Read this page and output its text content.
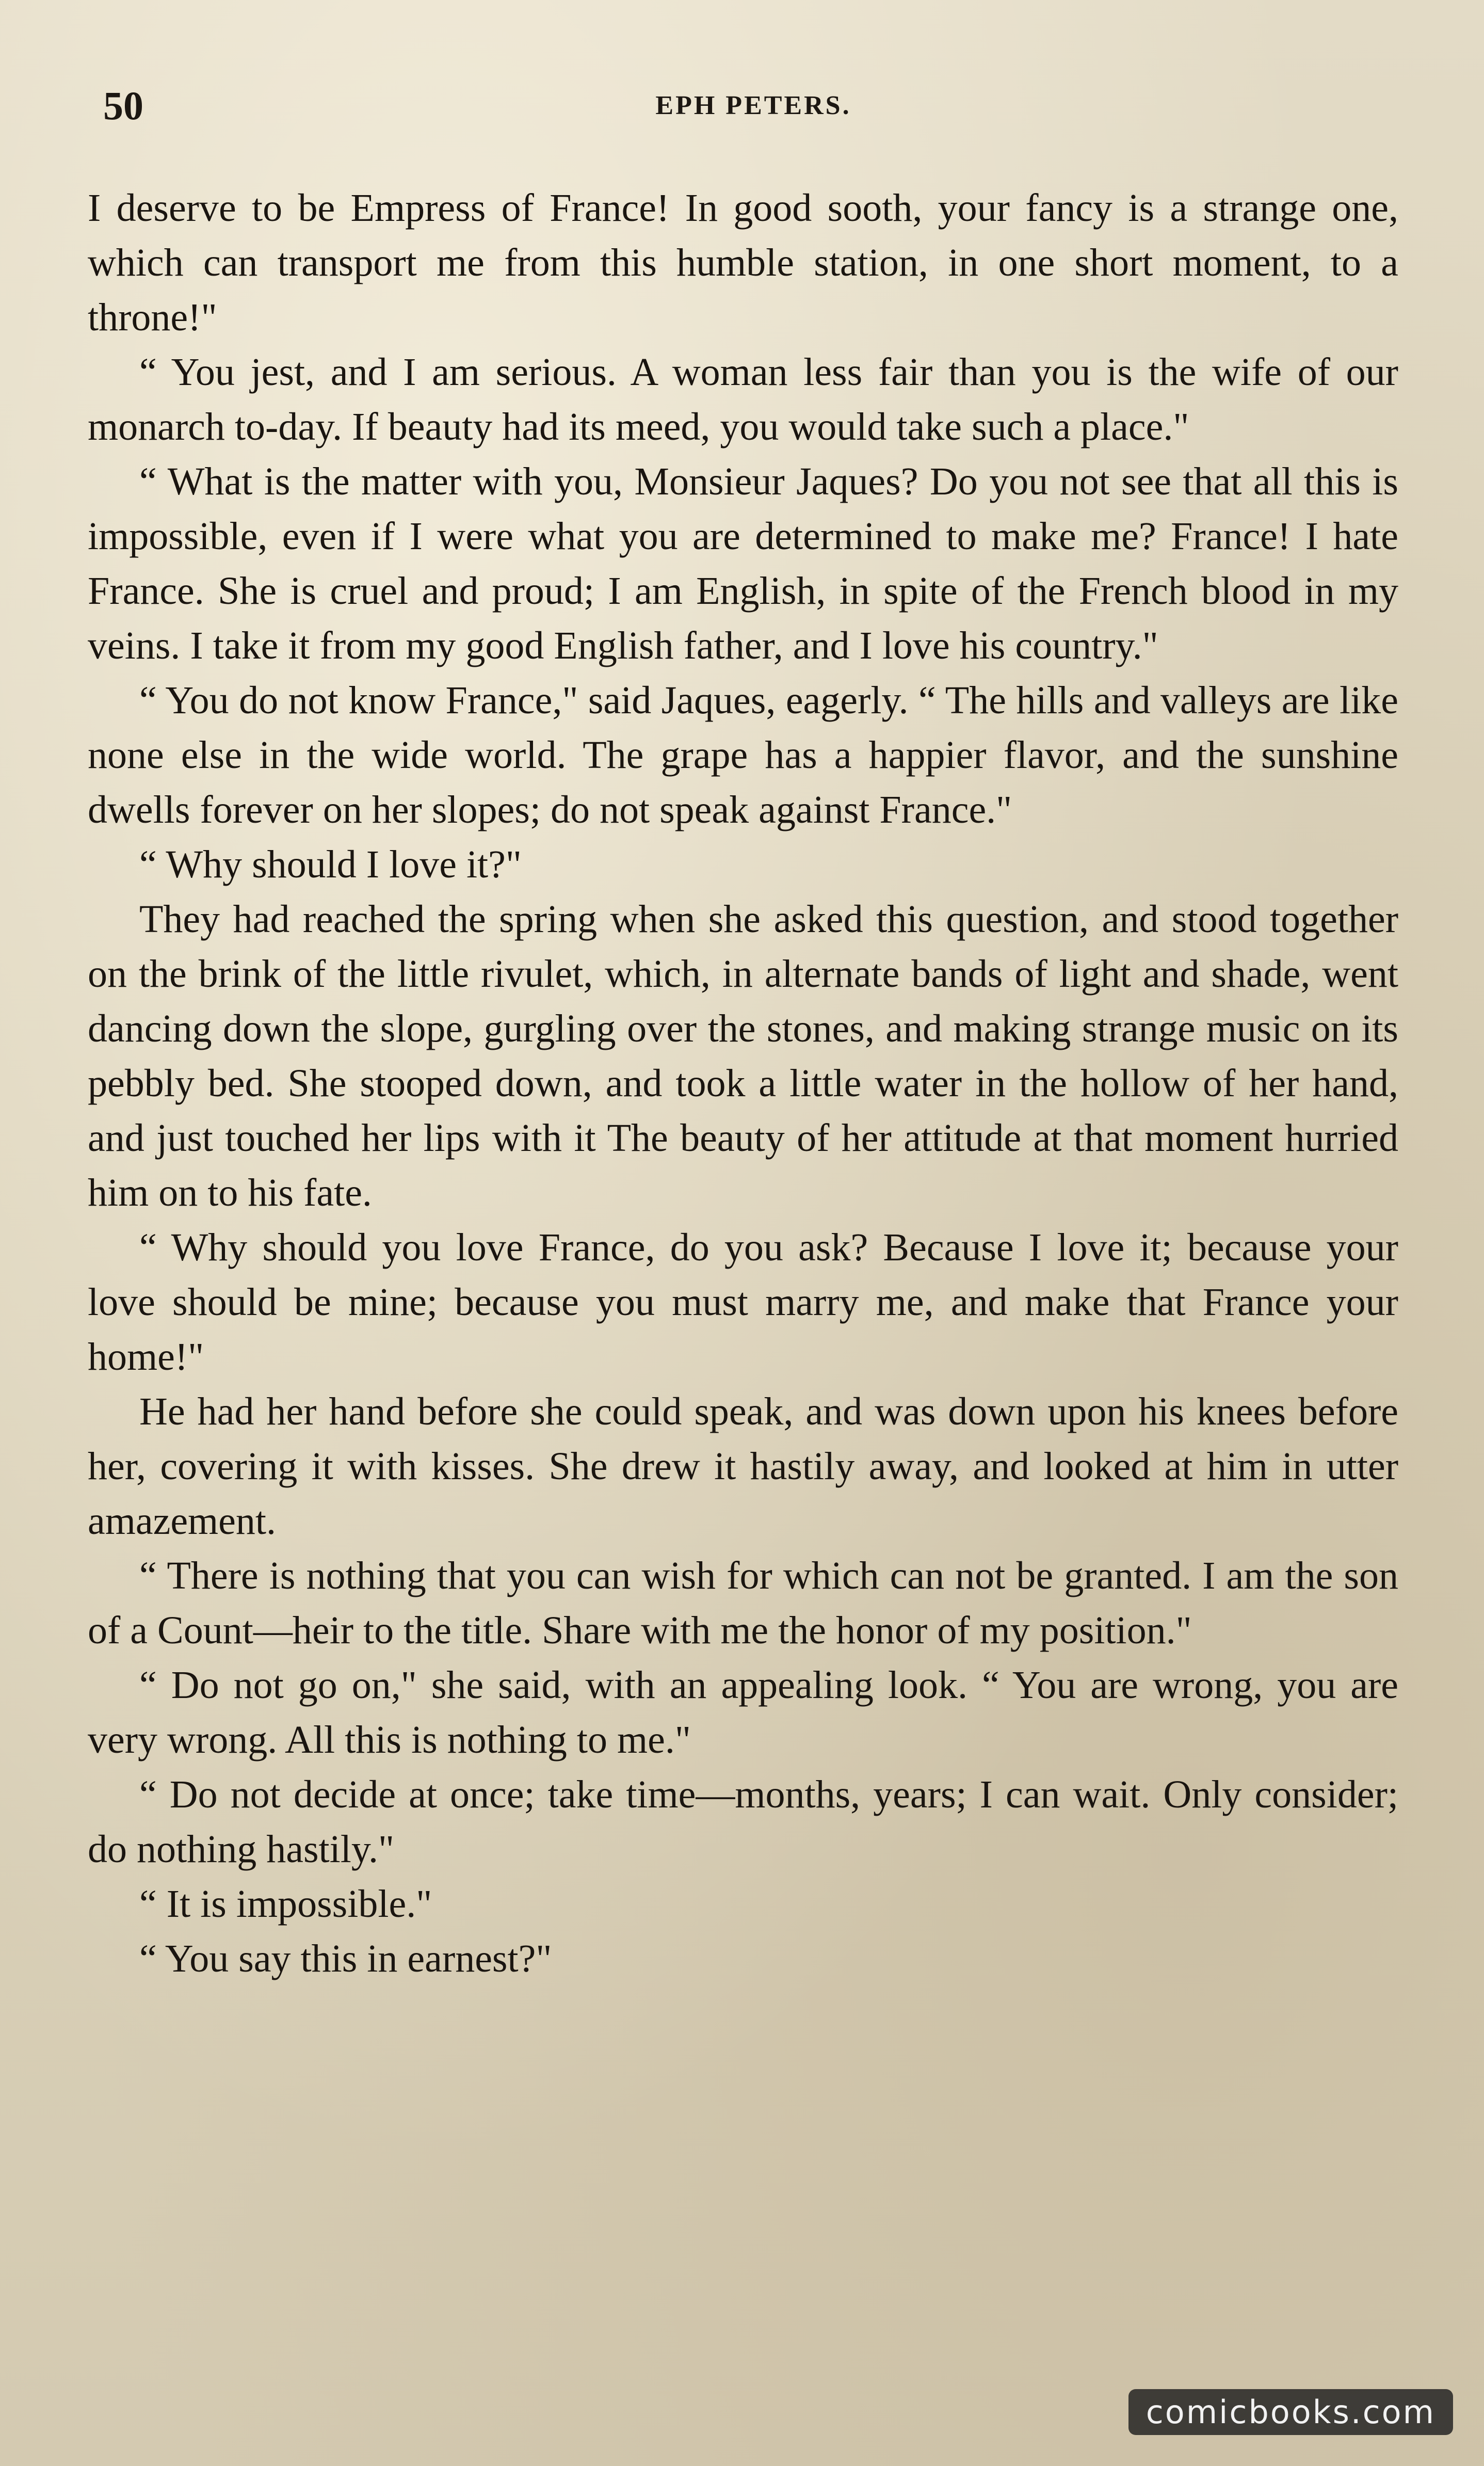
50	EPH PETERS.

I deserve to be Empress of France! In good sooth, your fancy is a strange one, which can transport me from this humble station, in one short moment, to a throne!"

“ You jest, and I am serious. A woman less fair than you is the wife of our monarch to-day. If beauty had its meed, you would take such a place."

“ What is the matter with you, Monsieur Jaques? Do you not see that all this is impossible, even if I were what you are determined to make me? France! I hate France. She is cruel and proud; I am English, in spite of the French blood in my veins. I take it from my good English father, and I love his country."

“ You do not know France," said Jaques, eagerly. “ The hills and valleys are like none else in the wide world. The grape has a happier flavor, and the sunshine dwells forever on her slopes; do not speak against France."

“ Why should I love it?"

They had reached the spring when she asked this question, and stood together on the brink of the little rivulet, which, in alternate bands of light and shade, went dancing down the slope, gurgling over the stones, and making strange music on its pebbly bed. She stooped down, and took a little water in the hollow of her hand, and just touched her lips with it The beauty of her attitude at that moment hurried him on to his fate.

“ Why should you love France, do you ask? Because I love it; because your love should be mine; because you must marry me, and make that France your home!"

He had her hand before she could speak, and was down upon his knees before her, covering it with kisses. She drew it hastily away, and looked at him in utter amazement.

“ There is nothing that you can wish for which can not be granted. I am the son of a Count—heir to the title. Share with me the honor of my position."

“ Do not go on," she said, with an appealing look. “ You are wrong, you are very wrong. All this is nothing to me."

“ Do not decide at once; take time—months, years; I can wait. Only consider; do nothing hastily."

“ It is impossible."

“ You say this in earnest?"

comicbooks.com
